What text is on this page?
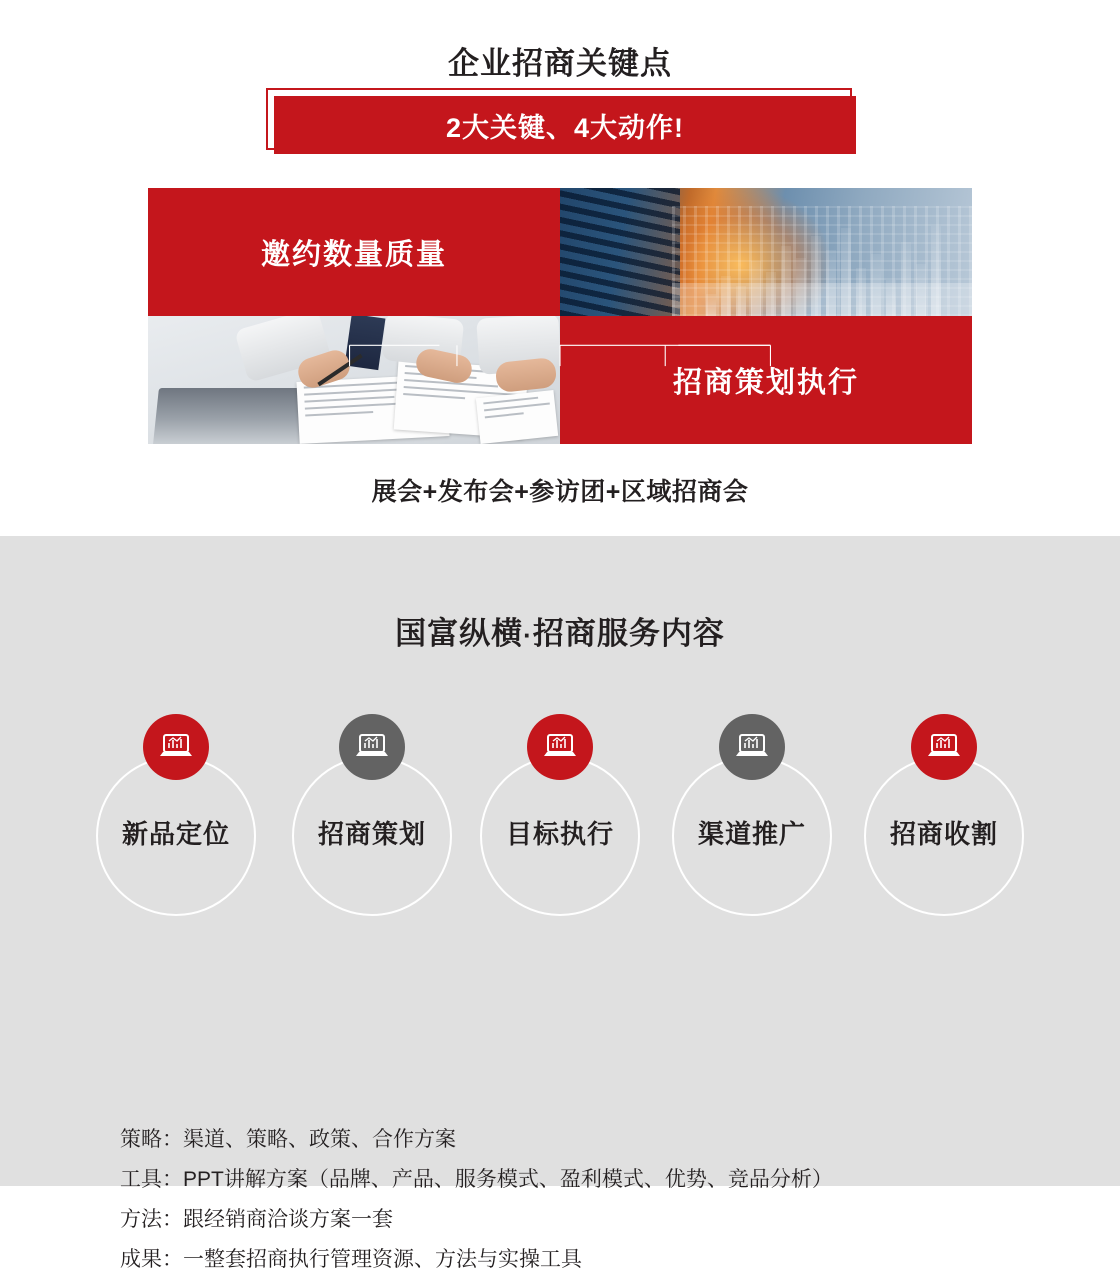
企业招商关键点
2大关键、4大动作!
邀约数量质量
招商策划执行
展会+发布会+参访团+区域招商会
国富纵横·招商服务内容
新品定位	招商策划	目标执行	渠道推广	招商收割
策略：渠道、策略、政策、合作方案
工具：PPT讲解方案（品牌、产品、服务模式、盈利模式、优势、竞品分析）
方法：跟经销商洽谈方案一套
成果：一整套招商执行管理资源、方法与实操工具
